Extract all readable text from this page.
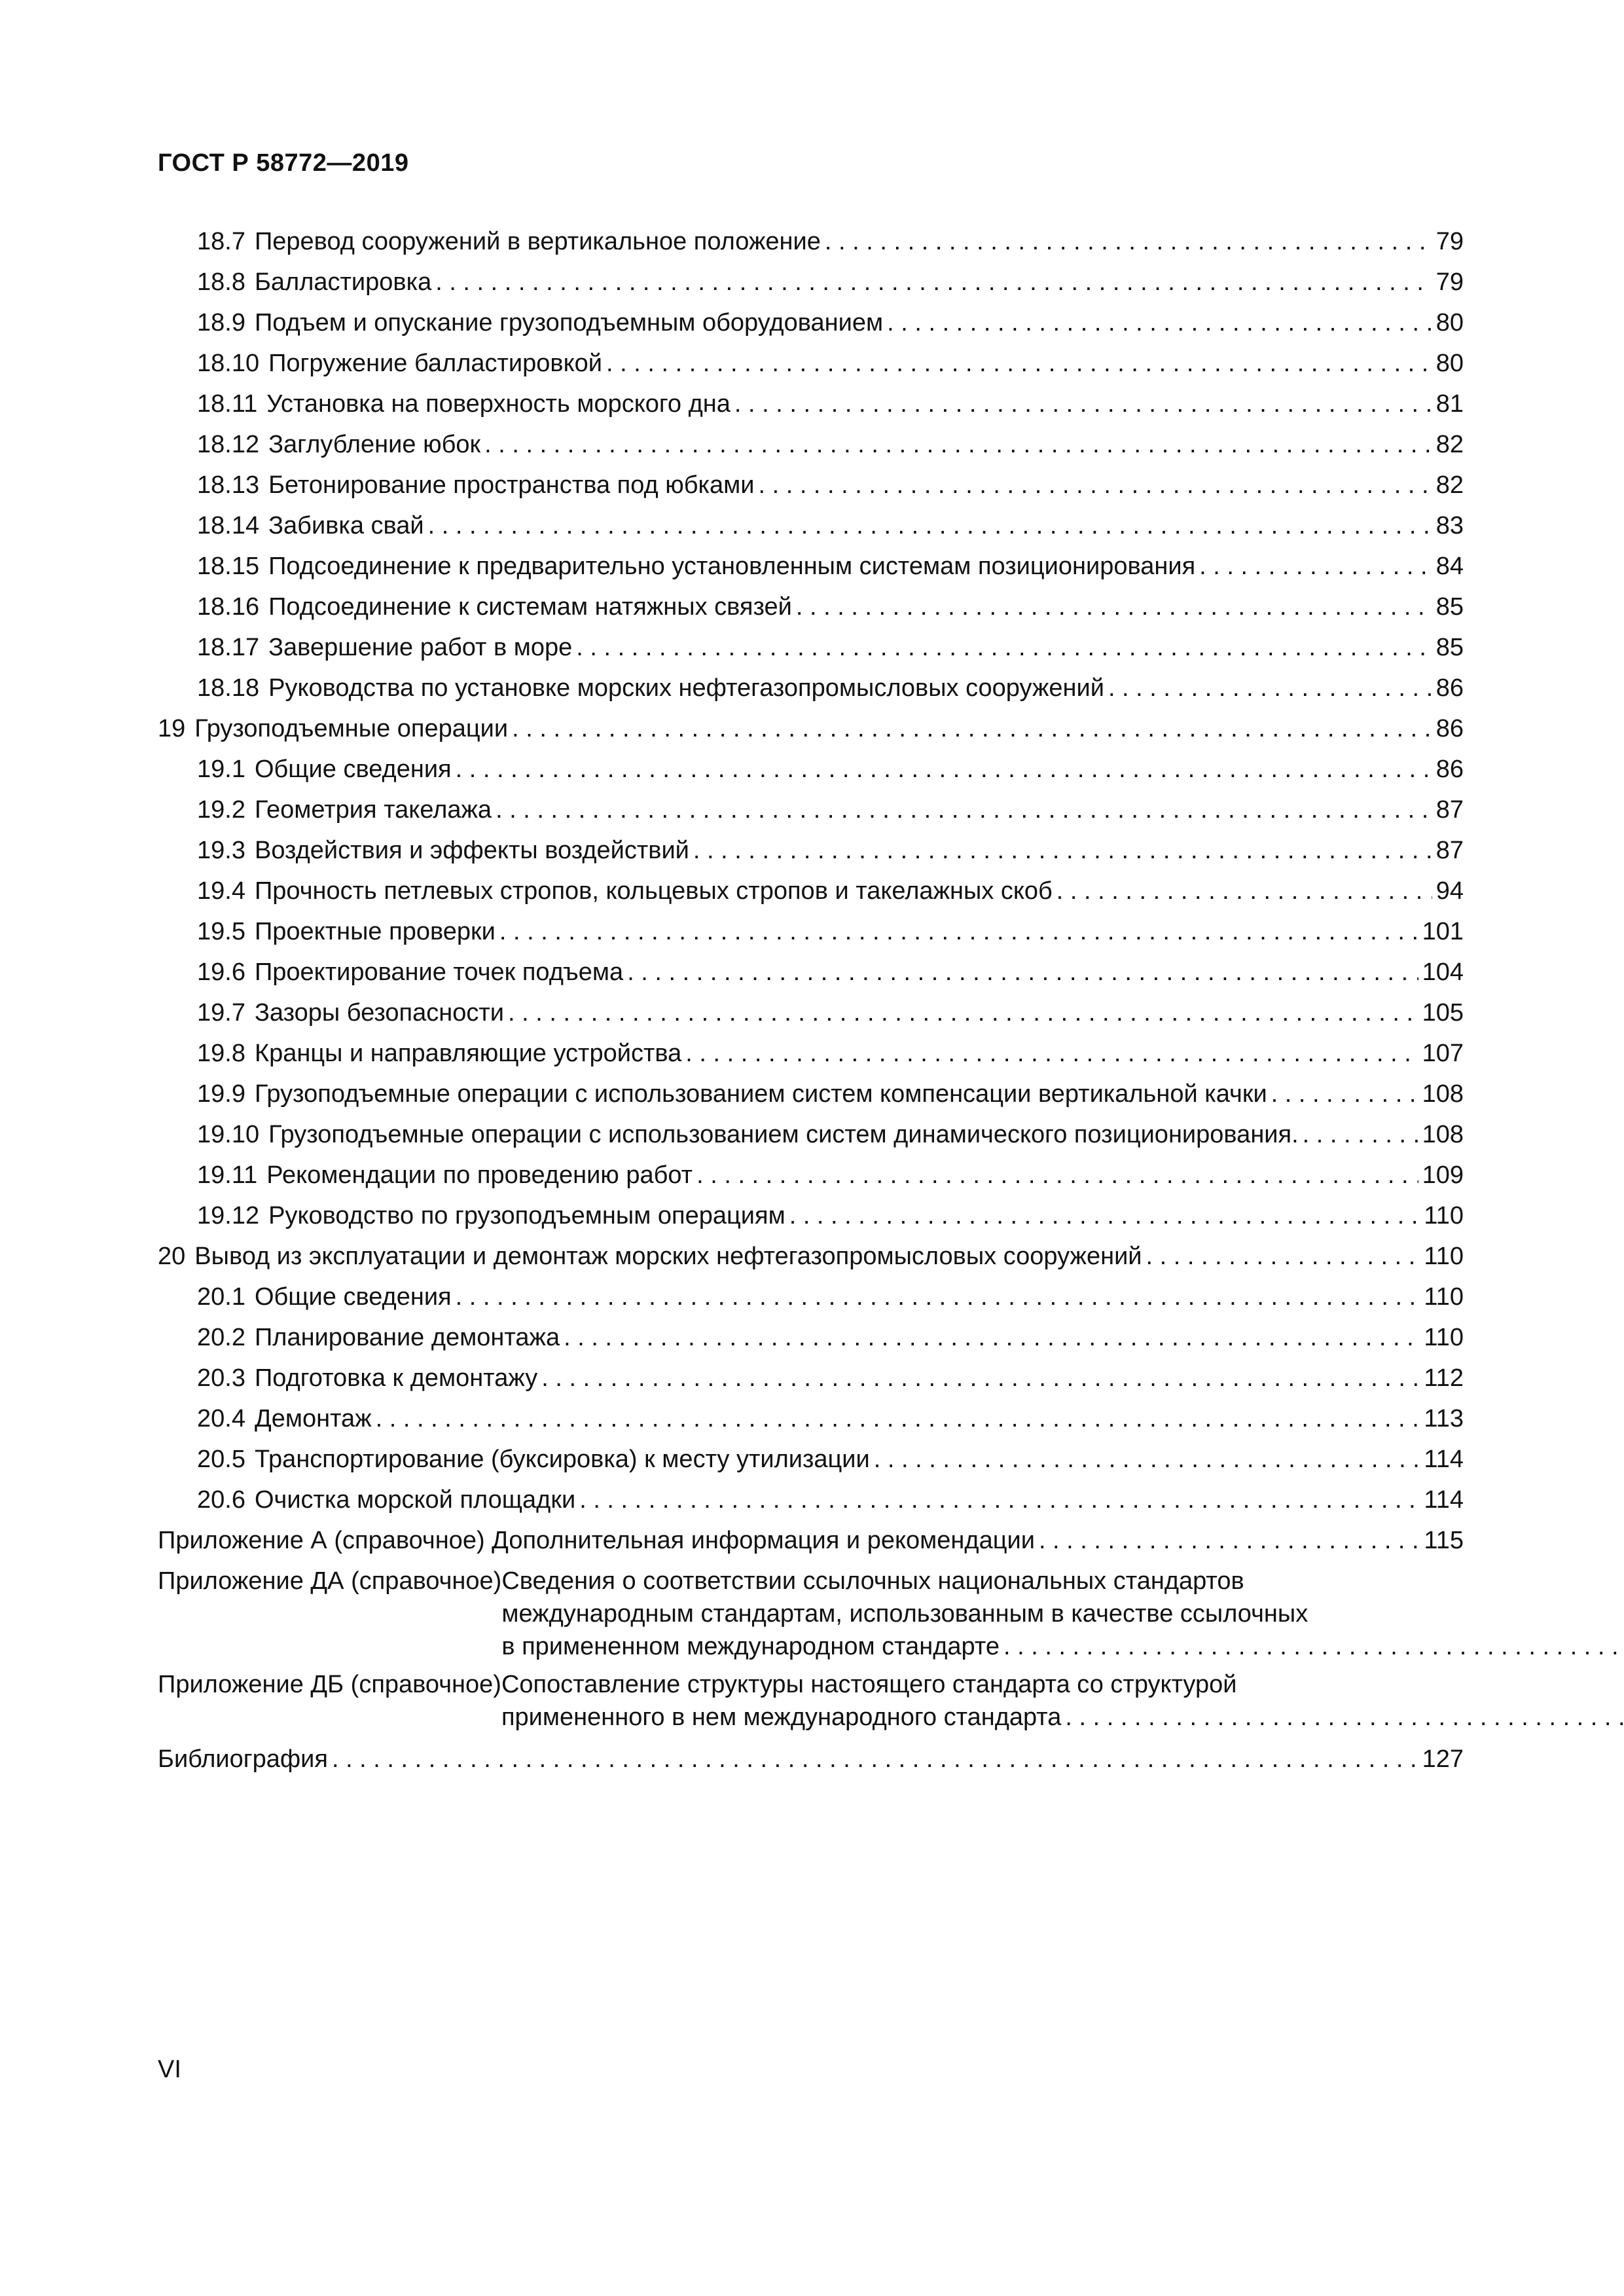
ГОСТ Р 58772—2019
18.7 Перевод сооружений в вертикальное положение . . .	79
18.8 Балластировка . . .	79
18.9 Подъем и опускание грузоподъемным оборудованием . . .	80
18.10 Погружение балластировкой . . .	80
18.11 Установка на поверхность морского дна . . .	81
18.12 Заглубление юбок . . .	82
18.13 Бетонирование пространства под юбками . . .	82
18.14 Забивка свай . . .	83
18.15 Подсоединение к предварительно установленным системам позиционирования . . .	84
18.16 Подсоединение к системам натяжных связей . . .	85
18.17 Завершение работ в море . . .	85
18.18 Руководства по установке морских нефтегазопромысловых сооружений . . .	86
19 Грузоподъемные операции . . .	86
19.1 Общие сведения . . .	86
19.2 Геометрия такелажа . . .	87
19.3 Воздействия и эффекты воздействий . . .	87
19.4 Прочность петлевых стропов, кольцевых стропов и такелажных скоб . . .	94
19.5 Проектные проверки . . .	101
19.6 Проектирование точек подъема . . .	104
19.7 Зазоры безопасности . . .	105
19.8 Кранцы и направляющие устройства . . .	107
19.9 Грузоподъемные операции с использованием систем компенсации вертикальной качки . . .	108
19.10 Грузоподъемные операции с использованием систем динамического позиционирования. . . .	108
19.11 Рекомендации по проведению работ . . .	109
19.12 Руководство по грузоподъемным операциям . . .	110
20 Вывод из эксплуатации и демонтаж морских нефтегазопромысловых сооружений . . .	110
20.1 Общие сведения . . .	110
20.2 Планирование демонтажа . . .	110
20.3 Подготовка к демонтажу . . .	112
20.4 Демонтаж . . .	113
20.5 Транспортирование (буксировка) к месту утилизации . . .	114
20.6 Очистка морской площадки . . .	114
Приложение А (справочное) Дополнительная информация и рекомендации . . .	115
Приложение ДА (справочное) Сведения о соответствии ссылочных национальных стандартов
международным стандартам, использованным в качестве ссылочных
в примененном международном стандарте
. . .
Приложение ДБ (справочное) Сопоставление структуры настоящего стандарта со структурой
примененного в нем международного стандарта
. . .
Библиография . . .	127
VI
